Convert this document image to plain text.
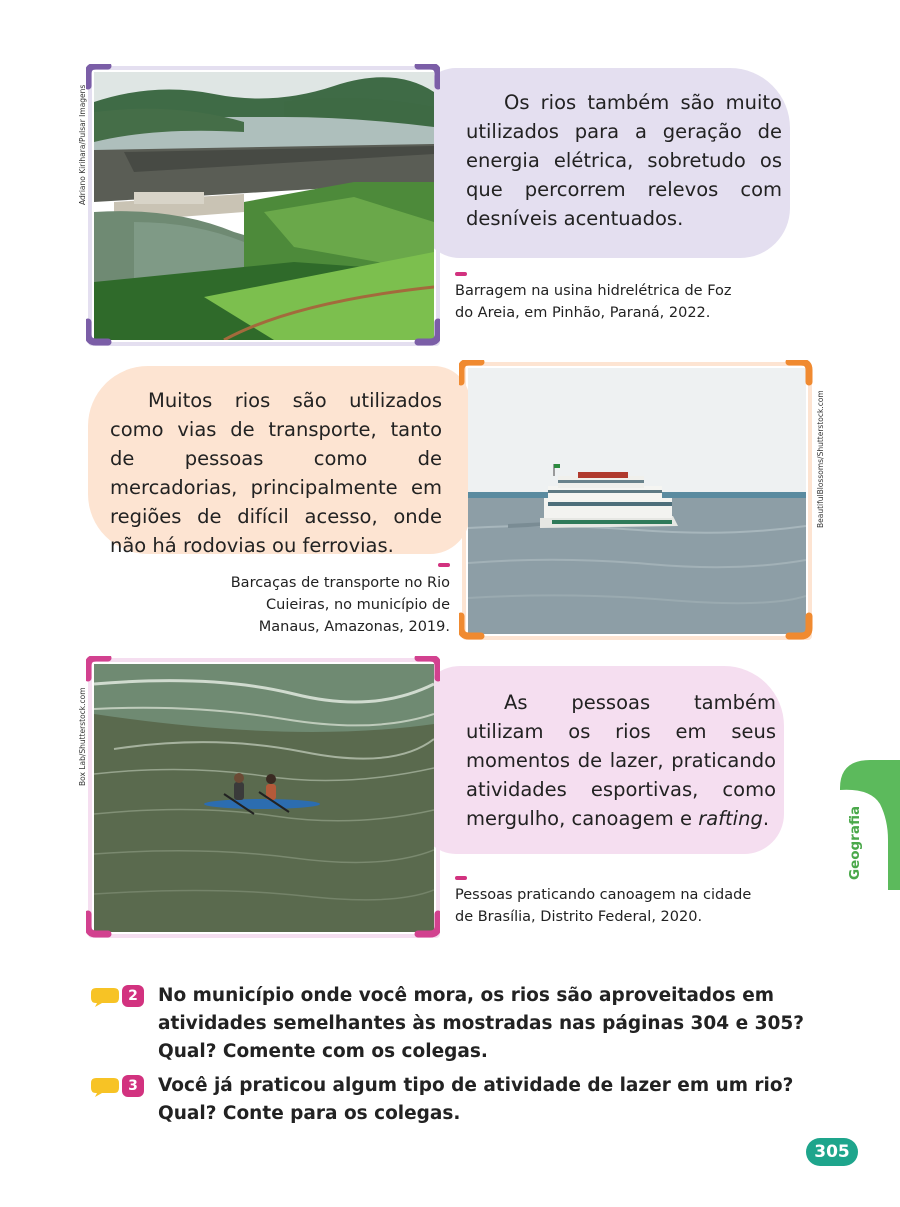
Os rios também são muito utilizados para a geração de energia elétrica, sobretudo os que percorrem relevos com desníveis acentuados.

Adriano Kirihara/Pulsar Imagens
Barragem na usina hidrelétrica de Foz
do Areia, em Pinhão, Paraná, 2022.

Muitos rios são utilizados como vias de transporte, tanto de pessoas como de mercadorias, principalmente em regiões de difícil acesso, onde não há rodovias ou ferrovias.

BeautifulBlossoms/Shutterstock.com
Barcaças de transporte no Rio
Cuieiras, no município de
Manaus, Amazonas, 2019.

As pessoas também utilizam os rios em seus momentos de lazer, praticando atividades esportivas, como mergulho, canoagem e rafting.

Box Lab/Shutterstock.com
Pessoas praticando canoagem na cidade
de Brasília, Distrito Federal, 2020.
Geografia
2	No município onde você mora, os rios são aproveitados em atividades semelhantes às mostradas nas páginas 304 e 305? Qual? Comente com os colegas.
3	Você já praticou algum tipo de atividade de lazer em um rio? Qual? Conte para os colegas.
305
